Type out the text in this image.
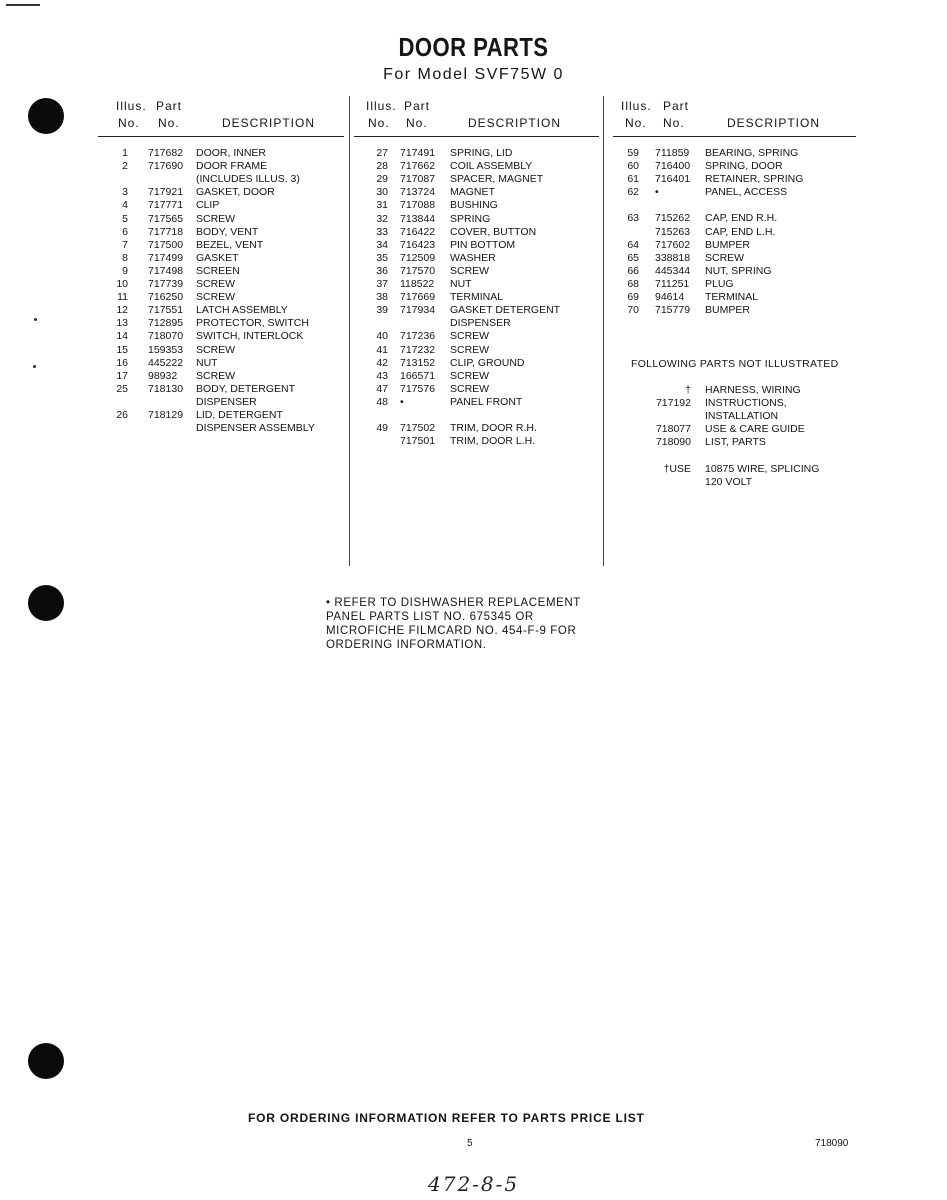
DOOR PARTS
For Model SVF75W 0
Illus. Part
No. No.	DESCRIPTION
1 717682 DOOR, INNER
2 717690 DOOR FRAME
(INCLUDES ILLUS. 3)
3 717921 GASKET, DOOR
4 717771 CLIP
5 717565 SCREW
6 717718 BODY, VENT
7 717500 BEZEL, VENT
8 717499 GASKET
9 717498 SCREEN
10 717739 SCREW
11 716250 SCREW
12 717551 LATCH ASSEMBLY
13 712895 PROTECTOR, SWITCH
14 718070 SWITCH, INTERLOCK
15 159353 SCREW
16 445222 NUT
17 98932 SCREW
25 718130 BODY, DETERGENT
DISPENSER
26 718129 LID, DETERGENT
DISPENSER ASSEMBLY
Illus. Part
No. No.	DESCRIPTION
27 717491 SPRING, LID
28 717662 COIL ASSEMBLY
29 717087 SPACER, MAGNET
30 713724 MAGNET
31 717088 BUSHING
32 713844 SPRING
33 716422 COVER, BUTTON
34 716423 PIN BOTTOM
35 712509 WASHER
36 717570 SCREW
37 118522 NUT
38 717669 TERMINAL
39 717934 GASKET DETERGENT
DISPENSER
40 717236 SCREW
41 717232 SCREW
42 713152 CLIP, GROUND
43 166571 SCREW
47 717576 SCREW
48 •	PANEL FRONT
49 717502 TRIM, DOOR R.H.
717501 TRIM, DOOR L.H.
Illus. Part
No. No.	DESCRIPTION
59 711859 BEARING, SPRING
60 716400 SPRING, DOOR
61 716401 RETAINER, SPRING
62 •	PANEL, ACCESS
63 715262 CAP, END R.H.
715263 CAP, END L.H.
64 717602 BUMPER
65 338818 SCREW
66 445344 NUT, SPRING
68 711251 PLUG
69 94614 TERMINAL
70 715779 BUMPER
FOLLOWING PARTS NOT ILLUSTRATED
† HARNESS, WIRING
717192 INSTRUCTIONS,
INSTALLATION
718077 USE & CARE GUIDE
718090 LIST, PARTS
†USE 10875 WIRE, SPLICING
120 VOLT
• REFER TO DISHWASHER REPLACEMENT
PANEL PARTS LIST NO. 675345 OR
MICROFICHE FILMCARD NO. 454-F-9 FOR
ORDERING INFORMATION.
FOR ORDERING INFORMATION REFER TO PARTS PRICE LIST
5	718090
472-8-5
